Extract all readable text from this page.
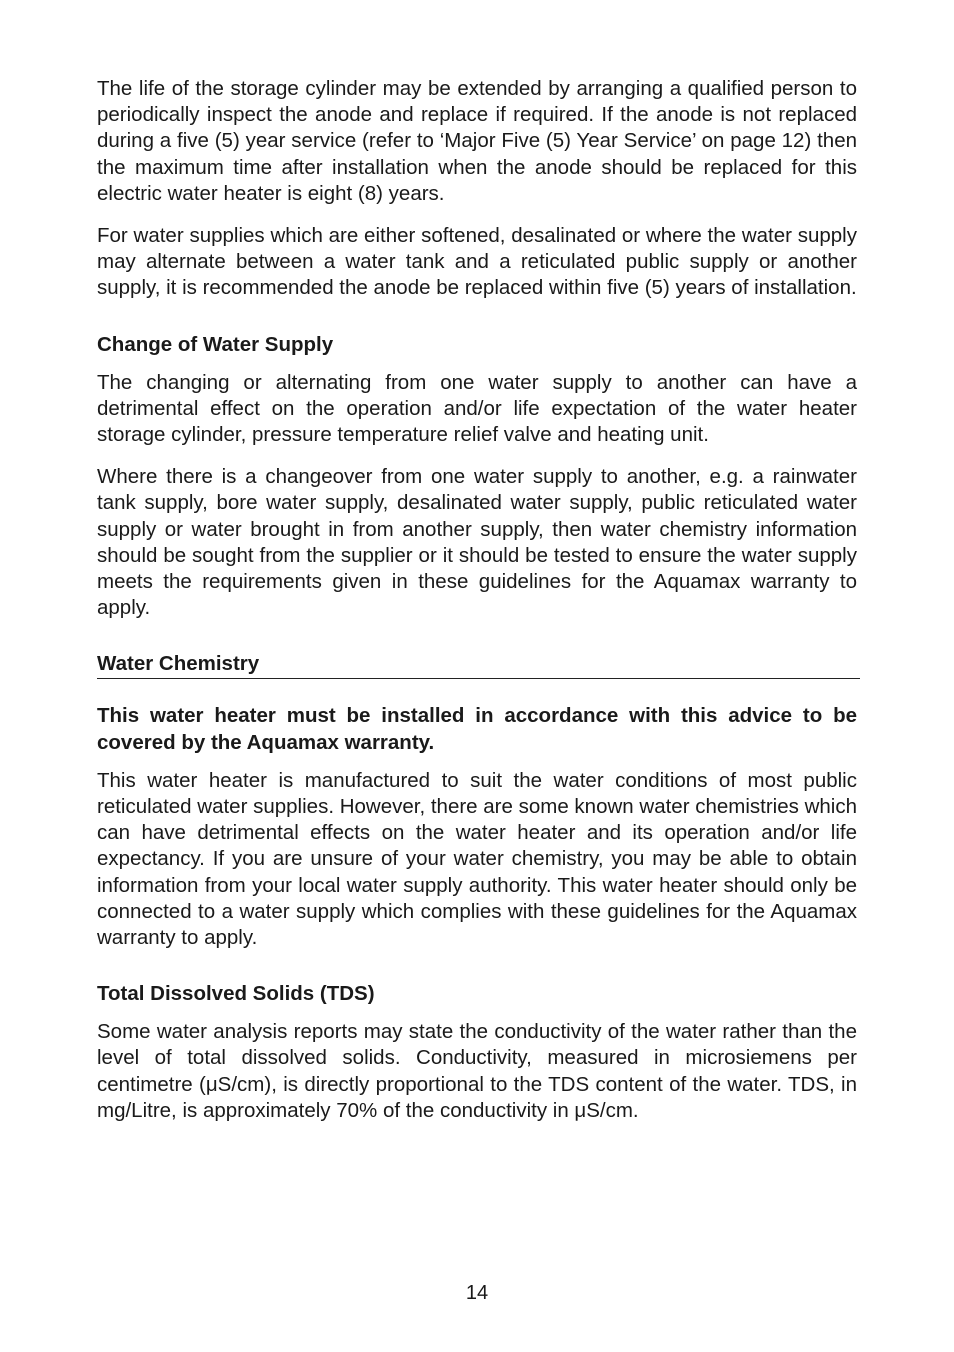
The life of the storage cylinder may be extended by arranging a qualified person to periodically inspect the anode and replace if required. If the anode is not replaced during a five (5) year service (refer to ‘Major Five (5) Year Service’ on page 12) then the maximum time after installation when the anode should be replaced for this electric water heater is eight (8) years.

For water supplies which are either softened, desalinated or where the water supply may alternate between a water tank and a reticulated public supply or another supply, it is recommended the anode be replaced within five (5) years of installation.

Change of Water Supply

The changing or alternating from one water supply to another can have a detrimental effect on the operation and/or life expectation of the water heater storage cylinder, pressure temperature relief valve and heating unit.

Where there is a changeover from one water supply to another, e.g. a rainwater tank supply, bore water supply, desalinated water supply, public reticulated water supply or water brought in from another supply, then water chemistry information should be sought from the supplier or it should be tested to ensure the water supply meets the requirements given in these guidelines for the Aquamax warranty to apply.

Water Chemistry

This water heater must be installed in accordance with this advice to be covered by the Aquamax warranty.

This water heater is manufactured to suit the water conditions of most public reticulated water supplies. However, there are some known water chemistries which can have detrimental effects on the water heater and its operation and/or life expectancy. If you are unsure of your water chemistry, you may be able to obtain information from your local water supply authority. This water heater should only be connected to a water supply which complies with these guidelines for the Aquamax warranty to apply.

Total Dissolved Solids (TDS)

Some water analysis reports may state the conductivity of the water rather than the level of total dissolved solids. Conductivity, measured in microsiemens per centimetre (μS/cm), is directly proportional to the TDS content of the water. TDS, in mg/Litre, is approximately 70% of the conductivity in μS/cm.

14
